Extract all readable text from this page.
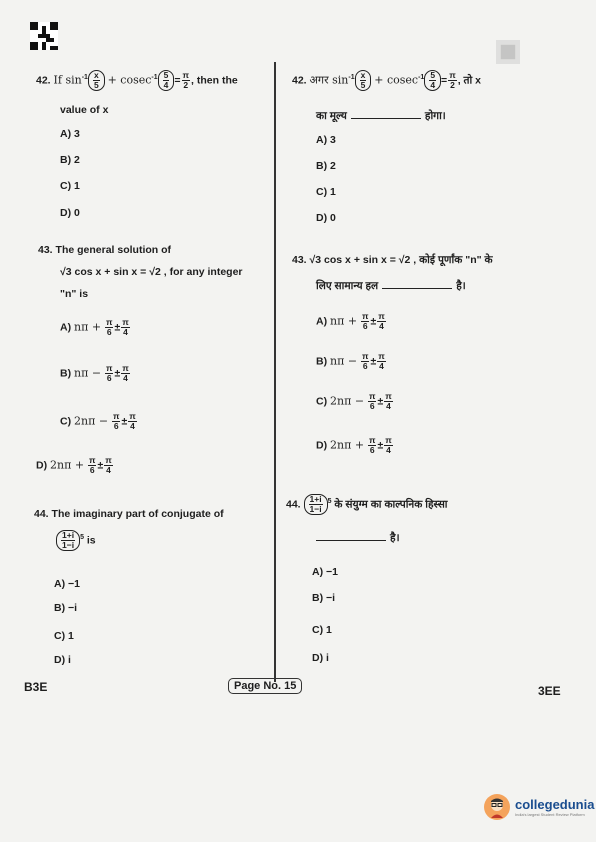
42. If $\sin^{-1} \frac{x}{5} + cosec^{-1} \frac{5}{4} = \frac{\pi}{2}$ , then the
value of x
A) 3
B) 2
C) 1
D) 0
42. अगर $\sin^{-1} \frac{x}{5} + cosec^{-1} \frac{5}{4} = \frac{\pi}{2}$ , तो x
का मूल्य	होगा।
A) 3
B) 2
C) 1
D) 0
43. The general solution of
√3 cos x + sin x = √2 , for any integer
"n" is
A) $n\pi + \frac{\pi}{6} \pm \frac{\pi}{4}$
B) $n\pi - \frac{\pi}{6} \pm \frac{\pi}{4}$
C) $2n\pi - \frac{\pi}{6} \pm \frac{\pi}{4}$
D) $2n\pi + \frac{\pi}{6} \pm \frac{\pi}{4}$
43. √3 cos x + sin x = √2 , कोई पूर्णांक "n" के
लिए सामान्य हल	है।
A) $n\pi + \frac{\pi}{6} \pm \frac{\pi}{4}$
B) $n\pi - \frac{\pi}{6} \pm \frac{\pi}{4}$
C) $2n\pi - \frac{\pi}{6} \pm \frac{\pi}{4}$
D) $2n\pi + \frac{\pi}{6} \pm \frac{\pi}{4}$
44. The imaginary part of conjugate of
$\frac{1+i}{1-i} ^5$ is
A) −1
B) −i
C) 1
D) i
44. $\frac{1+i}{1-i} ^5$ के संयुग्म का काल्पनिक हिस्सा
है।
A) −1
B) −i
C) 1
D) i
B3E	Page No. 15	3EE
collegedunia
India's largest Student Review Platform
